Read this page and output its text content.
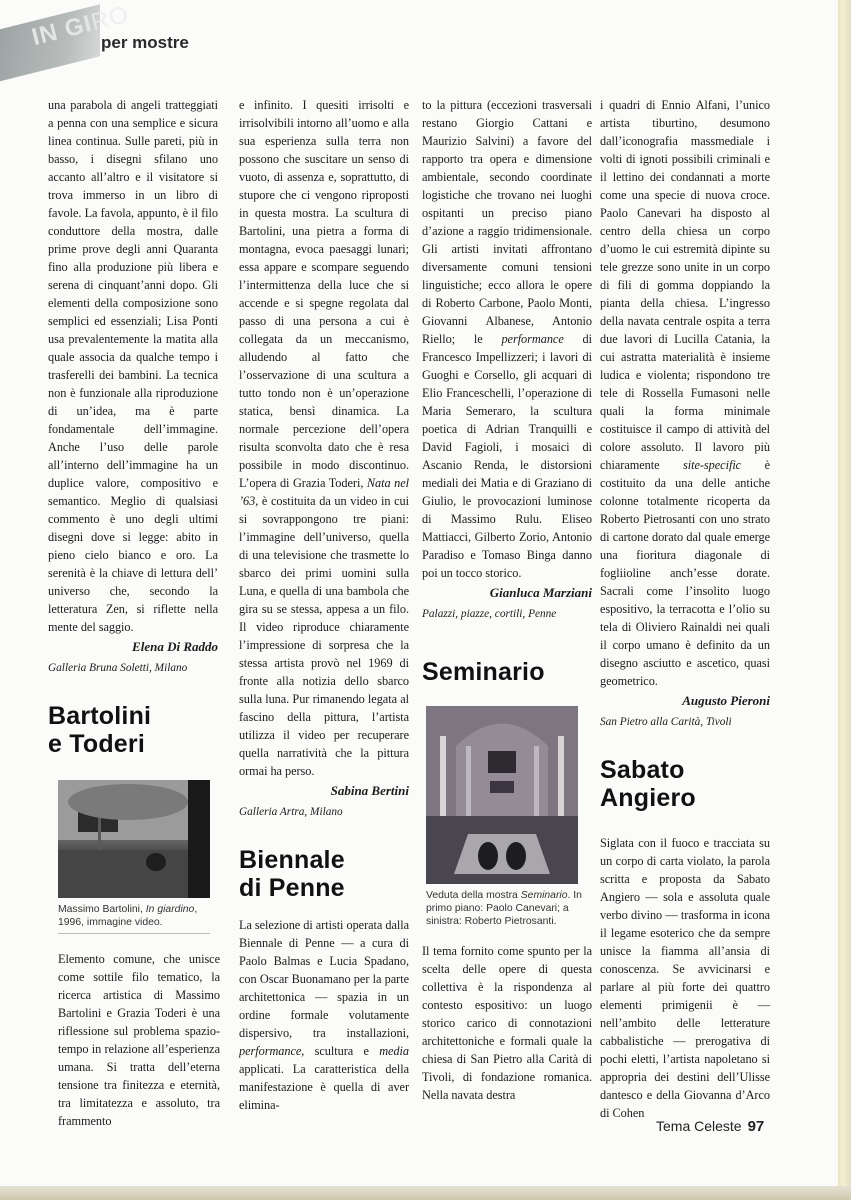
IN GIRO
per mostre

una parabola di angeli tratteggiati a penna con una semplice e sicura linea continua. Sulle pareti, più in basso, i disegni sfilano uno accanto all’altro e il visitatore si trova immerso in un libro di favole. La favola, appunto, è il filo conduttore della mostra, dalle prime prove degli anni Quaranta fino alla produzione più libera e serena di cinquant’anni dopo. Gli elementi della composizione sono semplici ed essenziali; Lisa Ponti usa prevalentemente la matita alla quale associa da qualche tempo i trasferelli dei bambini. La tecnica non è funzionale alla riproduzione di un’idea, ma è parte fondamentale dell’immagine. Anche l’uso delle parole all’interno dell’immagine ha un duplice valore, compositivo e semantico. Meglio di qualsiasi commento è uno degli ultimi disegni dove si legge: abito in pieno cielo bianco e oro. La serenità è la chiave di lettura dell’ universo che, secondo la letteratura Zen, si riflette nella mente del saggio.

Elena Di Raddo

Galleria Bruna Soletti, Milano

Bartolini
e Toderi

Massimo Bartolini, In giardino, 1996, immagine video.

Elemento comune, che unisce come sottile filo tematico, la ricerca artistica di Massimo Bartolini e Grazia Toderi è una riflessione sul problema spazio-tempo in relazione all’esperienza umana. Si tratta dell’eterna tensione tra finitezza e eternità, tra limitatezza e assoluto, tra frammento

e infinito. I quesiti irrisolti e irrisolvibili intorno all’uomo e alla sua esperienza sulla terra non possono che suscitare un senso di vuoto, di assenza e, soprattutto, di stupore che ci vengono riproposti in questa mostra. La scultura di Bartolini, una pietra a forma di montagna, evoca paesaggi lunari; essa appare e scompare seguendo l’intermittenza della luce che si accende e si spegne regolata dal passo di una persona a cui è collegata da un meccanismo, alludendo al fatto che l’osservazione di una scultura a tutto tondo non è un’operazione statica, bensì dinamica. La normale percezione dell’opera risulta sconvolta dato che è resa possibile in modo discontinuo. L’opera di Grazia Toderi, Nata nel ’63, è costituita da un video in cui si sovrappongono tre piani: l’immagine dell’universo, quella di una televisione che trasmette lo sbarco dei primi uomini sulla Luna, e quella di una bambola che gira su se stessa, appesa a un filo. Il video riproduce chiaramente l’impressione di sorpresa che la stessa artista provò nel 1969 di fronte alla notizia dello sbarco sulla luna. Pur rimanendo legata al fascino della pittura, l’artista utilizza il video per recuperare quella narratività che la pittura ormai ha perso.

Sabina Bertini

Galleria Artra, Milano

Biennale
di Penne

La selezione di artisti operata dalla Biennale di Penne — a cura di Paolo Balmas e Lucia Spadano, con Oscar Buonamano per la parte architettonica — spazia in un ordine formale volutamente dispersivo, tra installazioni, performance, scultura e media applicati. La caratteristica della manifestazione è quella di aver elimina-

to la pittura (eccezioni trasversali restano Giorgio Cattani e Maurizio Salvini) a favore del rapporto tra opera e dimensione ambientale, secondo coordinate logistiche che trovano nei luoghi ospitanti un preciso piano d’azione a raggio tridimensionale. Gli artisti invitati affrontano diversamente comuni tensioni linguistiche; ecco allora le opere di Roberto Carbone, Paolo Monti, Giovanni Albanese, Antonio Riello; le performance di Francesco Impellizzeri; i lavori di Guoghi e Corsello, gli acquari di Elio Franceschelli, l’operazione di Maria Semeraro, la scultura poetica di Adrian Tranquilli e David Fagioli, i mosaici di Ascanio Renda, le distorsioni mediali dei Matia e di Graziano di Giulio, le provocazioni luminose di Massimo Rulu. Eliseo Mattiacci, Gilberto Zorio, Antonio Paradiso e Tomaso Binga danno poi un tocco storico.

Gianluca Marziani

Palazzi, piazze, cortili, Penne

Seminario

Veduta della mostra Seminario. In primo piano: Paolo Canevari; a sinistra: Roberto Pietrosanti.

Il tema fornito come spunto per la scelta delle opere di questa collettiva è la rispondenza al contesto espositivo: un luogo storico carico di connotazioni architettoniche e formali quale la chiesa di San Pietro alla Carità di Tivoli, di fondazione romanica. Nella navata destra

i quadri di Ennio Alfani, l’unico artista tiburtino, desumono dall’iconografia massmediale i volti di ignoti possibili criminali e il lettino dei condannati a morte come una specie di nuova croce. Paolo Canevari ha disposto al centro della chiesa un corpo d’uomo le cui estremità dipinte su tele grezze sono unite in un corpo di fili di gomma doppiando la pianta della chiesa. L’ingresso della navata centrale ospita a terra due lavori di Lucilla Catania, la cui astratta materialità è insieme ludica e violenta; rispondono tre tele di Rossella Fumasoni nelle quali la forma minimale costituisce il campo di attività del colore assoluto. Il lavoro più chiaramente site-specific è costituito da una delle antiche colonne totalmente ricoperta da Roberto Pietrosanti con uno strato di cartone dorato dal quale emerge una fioritura diagonale di fogliioline anch’esse dorate. Sacrali come l’insolito luogo espositivo, la terracotta e l’olio su tela di Oliviero Rainaldi nei quali il corpo umano è definito da un disegno asciutto e ascetico, quasi geometrico.

Augusto Pieroni

San Pietro alla Carità, Tivoli

Sabato
Angiero

Siglata con il fuoco e tracciata su un corpo di carta violato, la parola scritta e proposta da Sabato Angiero — sola e assoluta quale verbo divino — trasforma in icona il legame esoterico che da sempre unisce la fiamma all’ansia di conoscenza. Se avvicinarsi e parlare al più forte dei quattro elementi primigenii è — nell’ambito delle letterature cabbalistiche — prerogativa di pochi eletti, l’artista napoletano si appropria dei destini dell’Ulisse dantesco e della Giovanna d’Arco di Cohen

Tema Celeste 97
